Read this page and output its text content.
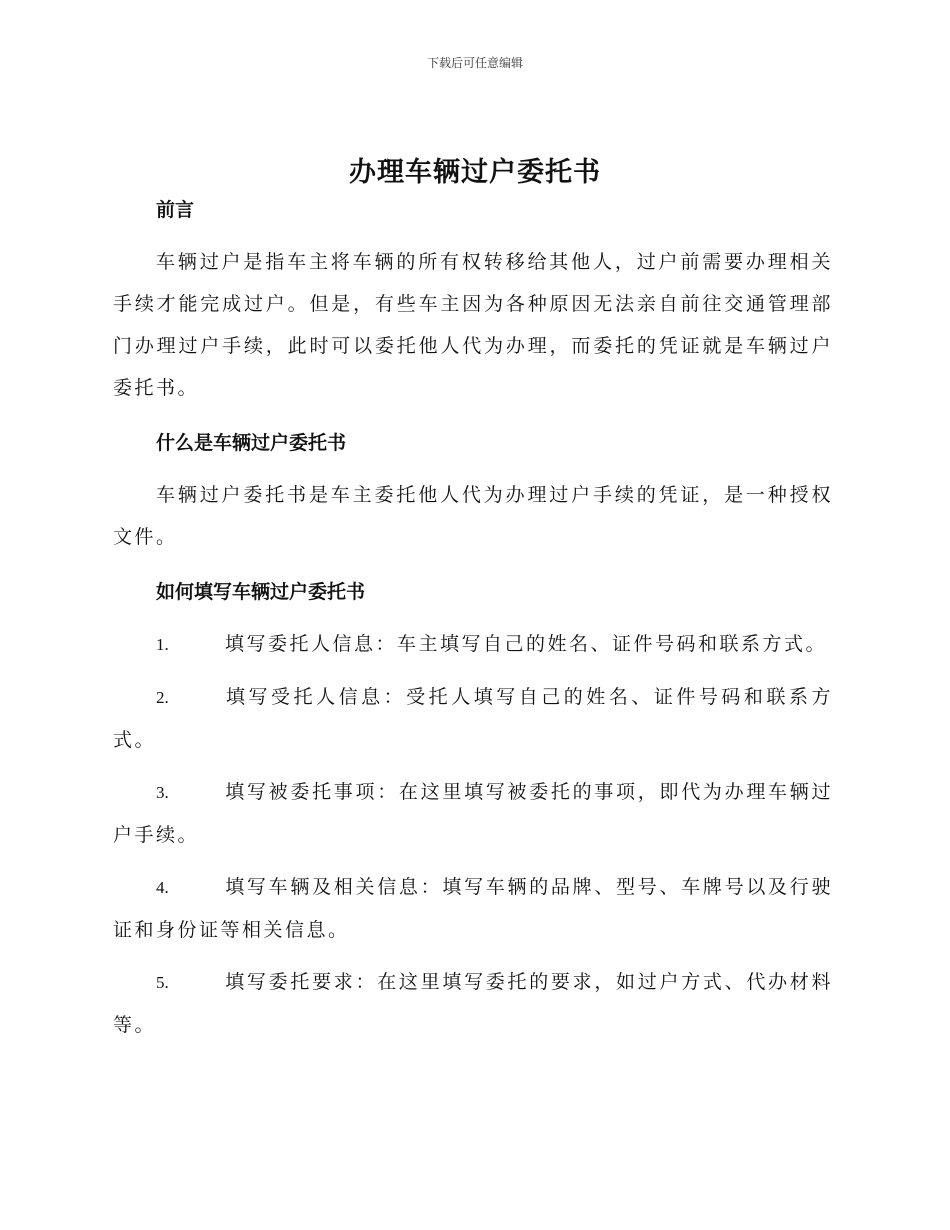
下载后可任意编辑
办理车辆过户委托书
前言

车辆过户是指车主将车辆的所有权转移给其他人，过户前需要办理相关手续才能完成过户。但是，有些车主因为各种原因无法亲自前往交通管理部门办理过户手续，此时可以委托他人代为办理，而委托的凭证就是车辆过户委托书。

什么是车辆过户委托书

车辆过户委托书是车主委托他人代为办理过户手续的凭证，是一种授权文件。

如何填写车辆过户委托书

1.	填写委托人信息：车主填写自己的姓名、证件号码和联系方式。

2.	填写受托人信息：受托人填写自己的姓名、证件号码和联系方式。

3.	填写被委托事项：在这里填写被委托的事项，即代为办理车辆过户手续。

4.	填写车辆及相关信息：填写车辆的品牌、型号、车牌号以及行驶证和身份证等相关信息。

5.	填写委托要求：在这里填写委托的要求，如过户方式、代办材料等。
